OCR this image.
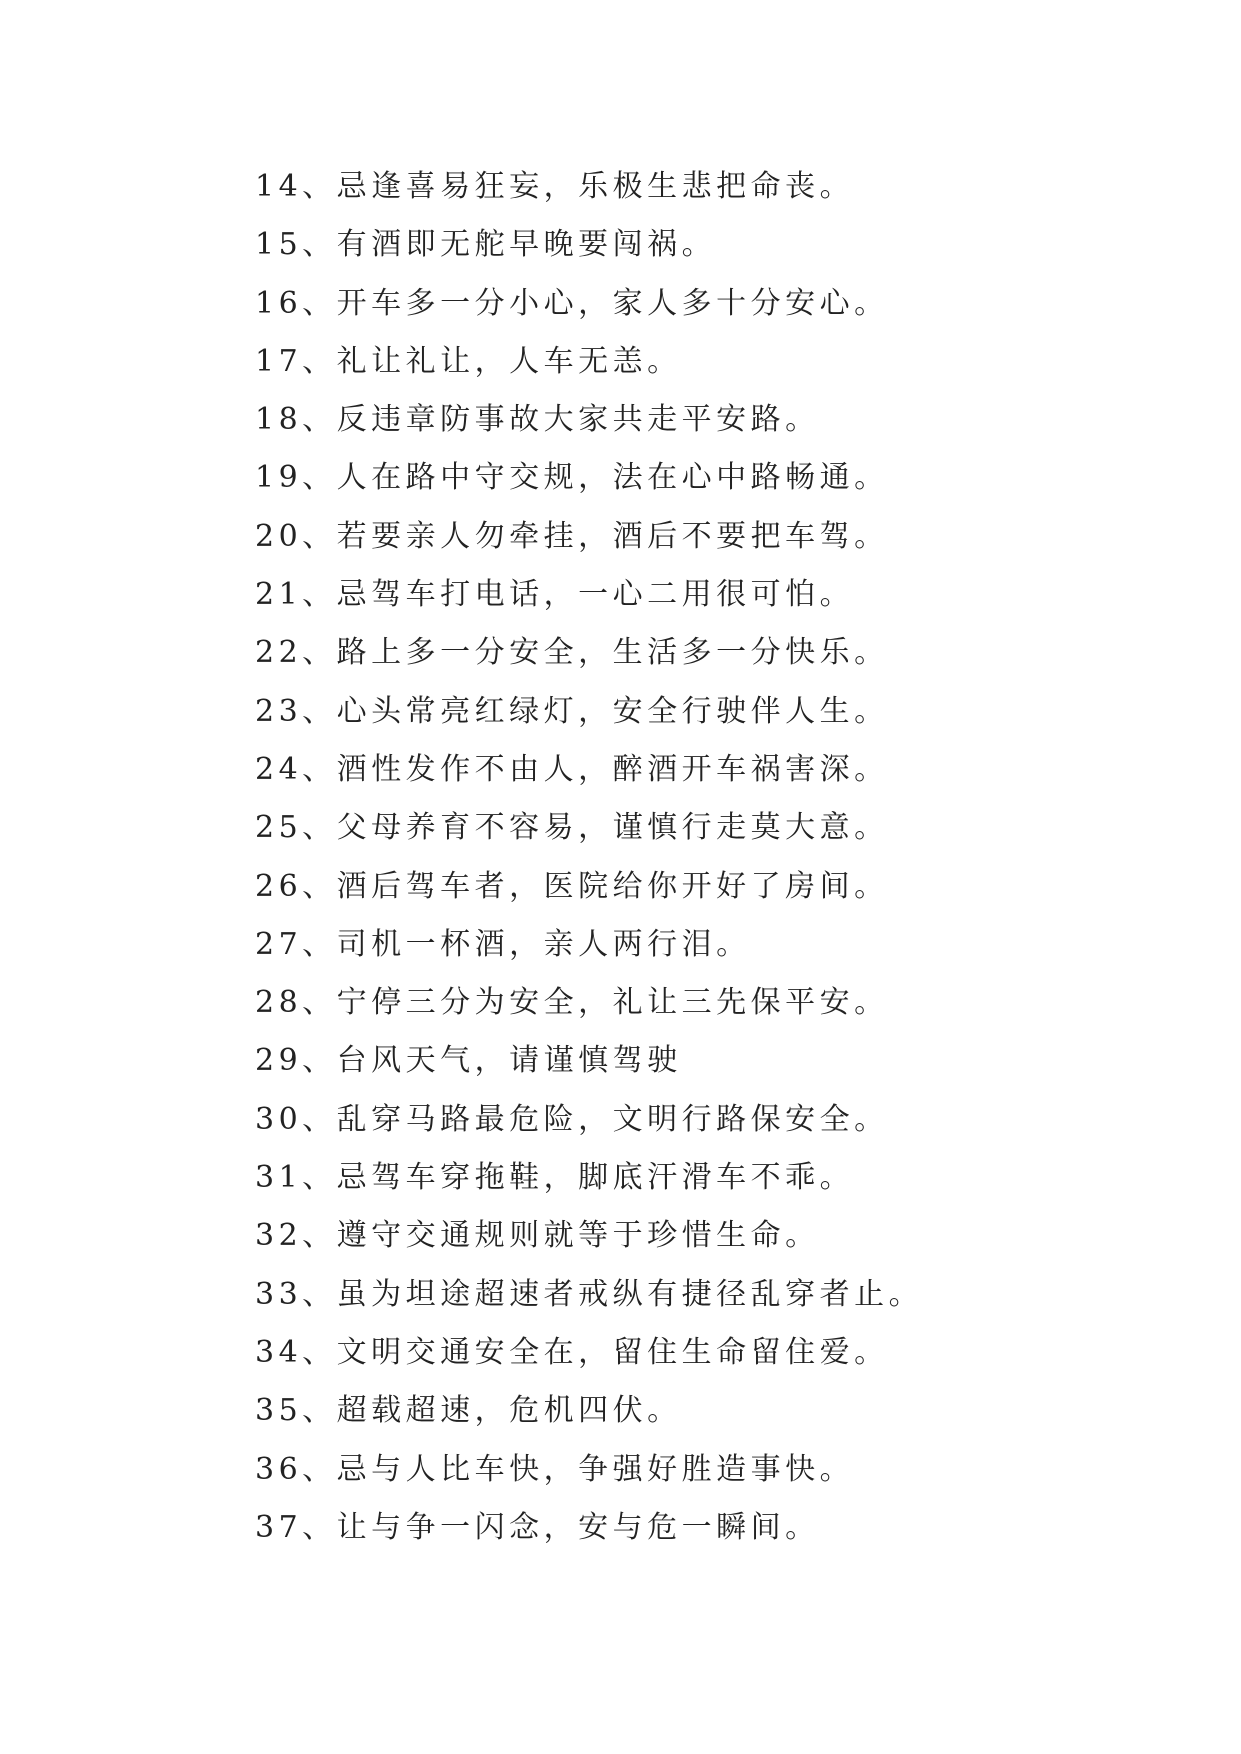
14、忌逢喜易狂妄，乐极生悲把命丧。
15、有酒即无舵早晚要闯祸。
16、开车多一分小心，家人多十分安心。
17、礼让礼让，人车无恙。
18、反违章防事故大家共走平安路。
19、人在路中守交规，法在心中路畅通。
20、若要亲人勿牵挂，酒后不要把车驾。
21、忌驾车打电话，一心二用很可怕。
22、路上多一分安全，生活多一分快乐。
23、心头常亮红绿灯，安全行驶伴人生。
24、酒性发作不由人，醉酒开车祸害深。
25、父母养育不容易，谨慎行走莫大意。
26、酒后驾车者，医院给你开好了房间。
27、司机一杯酒，亲人两行泪。
28、宁停三分为安全，礼让三先保平安。
29、台风天气，请谨慎驾驶
30、乱穿马路最危险，文明行路保安全。
31、忌驾车穿拖鞋，脚底汗滑车不乖。
32、遵守交通规则就等于珍惜生命。
33、虽为坦途超速者戒纵有捷径乱穿者止。
34、文明交通安全在，留住生命留住爱。
35、超载超速，危机四伏。
36、忌与人比车快，争强好胜造事快。
37、让与争一闪念，安与危一瞬间。
